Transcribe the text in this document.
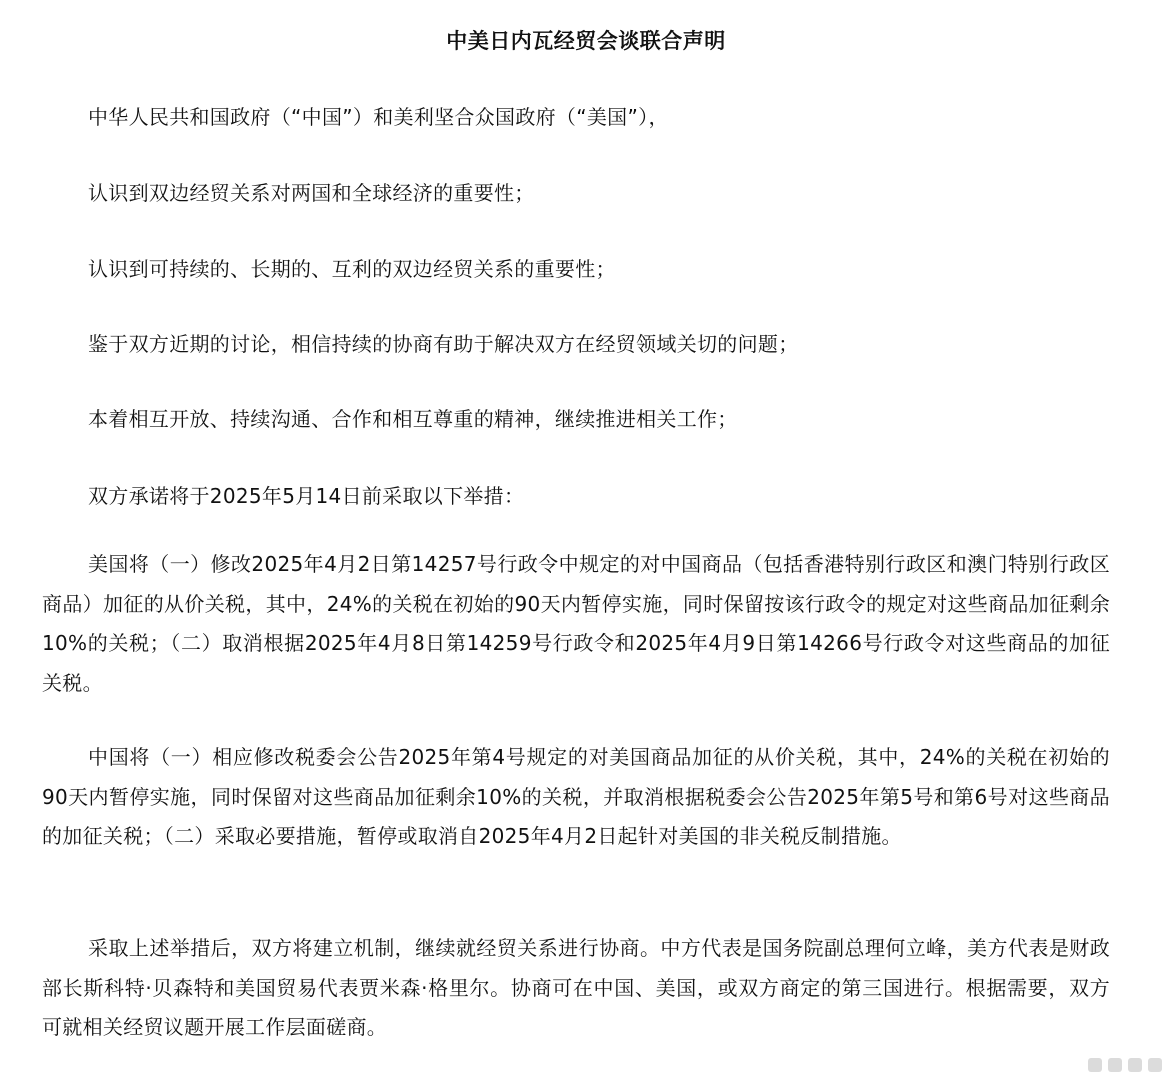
中美日内瓦经贸会谈联合声明
中华人民共和国政府（“中国”）和美利坚合众国政府（“美国”），
认识到双边经贸关系对两国和全球经济的重要性；
认识到可持续的、长期的、互利的双边经贸关系的重要性；
鉴于双方近期的讨论，相信持续的协商有助于解决双方在经贸领域关切的问题；
本着相互开放、持续沟通、合作和相互尊重的精神，继续推进相关工作；
双方承诺将于2025年5月14日前采取以下举措：
美国将（一）修改2025年4月2日第14257号行政令中规定的对中国商品（包括香港特别行政区和澳门特别行政区商品）加征的从价关税，其中，24%的关税在初始的90天内暂停实施，同时保留按该行政令的规定对这些商品加征剩余10%的关税；（二）取消根据2025年4月8日第14259号行政令和2025年4月9日第14266号行政令对这些商品的加征关税。
中国将（一）相应修改税委会公告2025年第4号规定的对美国商品加征的从价关税，其中，24%的关税在初始的90天内暂停实施，同时保留对这些商品加征剩余10%的关税，并取消根据税委会公告2025年第5号和第6号对这些商品的加征关税；（二）采取必要措施，暂停或取消自2025年4月2日起针对美国的非关税反制措施。
采取上述举措后，双方将建立机制，继续就经贸关系进行协商。中方代表是国务院副总理何立峰，美方代表是财政部长斯科特·贝森特和美国贸易代表贾米森·格里尔。协商可在中国、美国，或双方商定的第三国进行。根据需要，双方可就相关经贸议题开展工作层面磋商。
